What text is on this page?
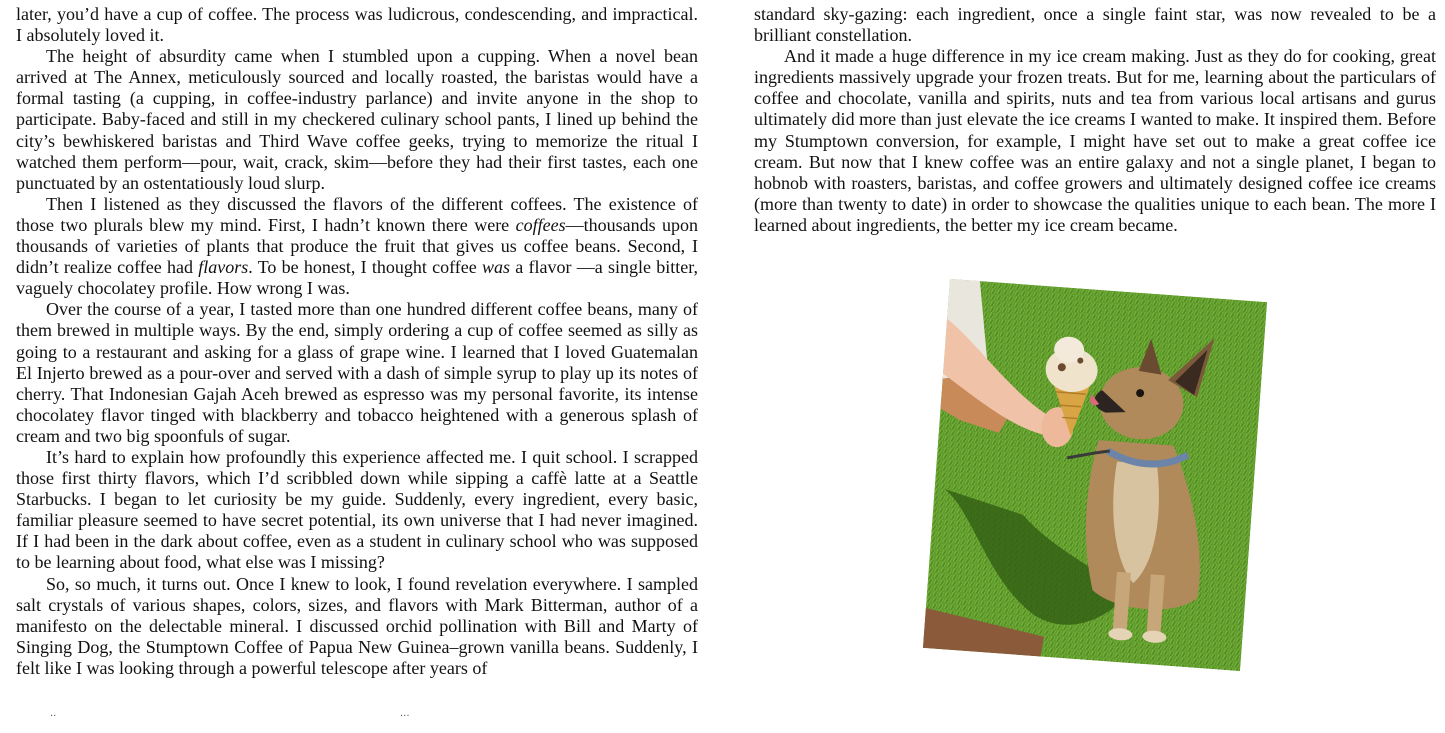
later, you’d have a cup of coffee. The process was ludicrous, condescending, and impractical. I absolutely loved it.

The height of absurdity came when I stumbled upon a cupping. When a novel bean arrived at The Annex, meticulously sourced and locally roasted, the baristas would have a formal tasting (a cupping, in coffee-industry parlance) and invite anyone in the shop to participate. Baby-faced and still in my checkered culinary school pants, I lined up behind the city’s bewhiskered baristas and Third Wave coffee geeks, trying to memorize the ritual I watched them perform—pour, wait, crack, skim—before they had their first tastes, each one punctuated by an ostentatiously loud slurp.

Then I listened as they discussed the flavors of the different coffees. The existence of those two plurals blew my mind. First, I hadn’t known there were coffees—thousands upon thousands of varieties of plants that produce the fruit that gives us coffee beans. Second, I didn’t realize coffee had flavors. To be honest, I thought coffee was a flavor —a single bitter, vaguely chocolatey profile. How wrong I was.

Over the course of a year, I tasted more than one hundred different coffee beans, many of them brewed in multiple ways. By the end, simply ordering a cup of coffee seemed as silly as going to a restaurant and asking for a glass of grape wine. I learned that I loved Guatemalan El Injerto brewed as a pour-over and served with a dash of simple syrup to play up its notes of cherry. That Indonesian Gajah Aceh brewed as espresso was my personal favorite, its intense chocolatey flavor tinged with blackberry and tobacco heightened with a generous splash of cream and two big spoonfuls of sugar.

It’s hard to explain how profoundly this experience affected me. I quit school. I scrapped those first thirty flavors, which I’d scribbled down while sipping a caffè latte at a Seattle Starbucks. I began to let curiosity be my guide. Suddenly, every ingredient, every basic, familiar pleasure seemed to have secret potential, its own universe that I had never imagined. If I had been in the dark about coffee, even as a student in culinary school who was supposed to be learning about food, what else was I missing?

So, so much, it turns out. Once I knew to look, I found revelation everywhere. I sampled salt crystals of various shapes, colors, sizes, and flavors with Mark Bitterman, author of a manifesto on the delectable mineral. I discussed orchid pollination with Bill and Marty of Singing Dog, the Stumptown Coffee of Papua New Guinea–grown vanilla beans. Suddenly, I felt like I was looking through a powerful telescope after years of

standard sky-gazing: each ingredient, once a single faint star, was now revealed to be a brilliant constellation.

And it made a huge difference in my ice cream making. Just as they do for cooking, great ingredients massively upgrade your frozen treats. But for me, learning about the particulars of coffee and chocolate, vanilla and spirits, nuts and tea from various local artisans and gurus ultimately did more than just elevate the ice creams I wanted to make. It inspired them. Before my Stumptown conversion, for example, I might have set out to make a great coffee ice cream. But now that I knew coffee was an entire galaxy and not a single planet, I began to hobnob with roasters, baristas, and coffee growers and ultimately designed coffee ice creams (more than twenty to date) in order to showcase the qualities unique to each bean. The more I learned about ingredients, the better my ice cream became.

..	...
